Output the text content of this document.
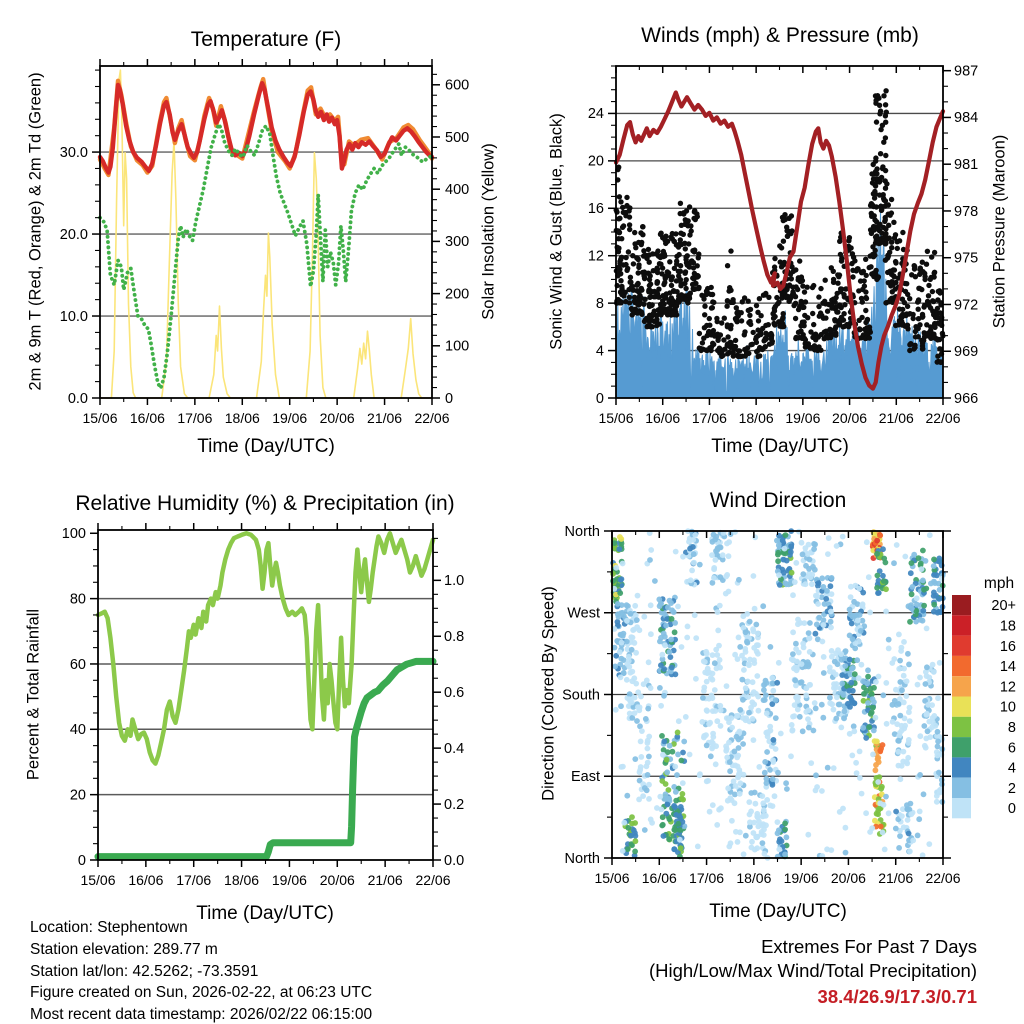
15/06 16/06 17/06 18/06 19/06 20/06 21/06 22/06
0.0
10.0
20.0
30.0
0
100
200
300
400
500
600
15/06 16/06 17/06 18/06 19/06 20/06 21/06 22/06
0
4
8
12
16
20
24
966
969
972
975
978
981
984
987
15/06 16/06 17/06 18/06 19/06 20/06 21/06 22/06
0
20
40
60
80
100
0.0
0.2
0.4
0.6
0.8
1.0
15/06 16/06 17/06 18/06 19/06 20/06 21/06 22/06
North
East
South
West
North
mph
20+
18
16
14
12
10
8
6
4
2
0
Temperature (F)	Winds (mph) & Pressure (mb)
Relative Humidity (%) & Precipitation (in)	Wind Direction
Time (Day/UTC)	Time (Day/UTC)
Time (Day/UTC)	Time (Day/UTC)
2m & 9m T (Red, Orange) & 2m Td (Green)	Solar Insolation (Yellow)	Sonic Wind & Gust (Blue, Black)	Station Pressure (Maroon)
Percent & Total Rainfall	Direction (Colored By Speed)
Location: Stephentown
Station elevation: 289.77 m
Station lat/lon: 42.5262; -73.3591
Figure created on Sun, 2026-02-22, at 06:23 UTC
Most recent data timestamp: 2026/02/22 06:15:00
Extremes For Past 7 Days
(High/Low/Max Wind/Total Precipitation)
38.4/26.9/17.3/0.71
